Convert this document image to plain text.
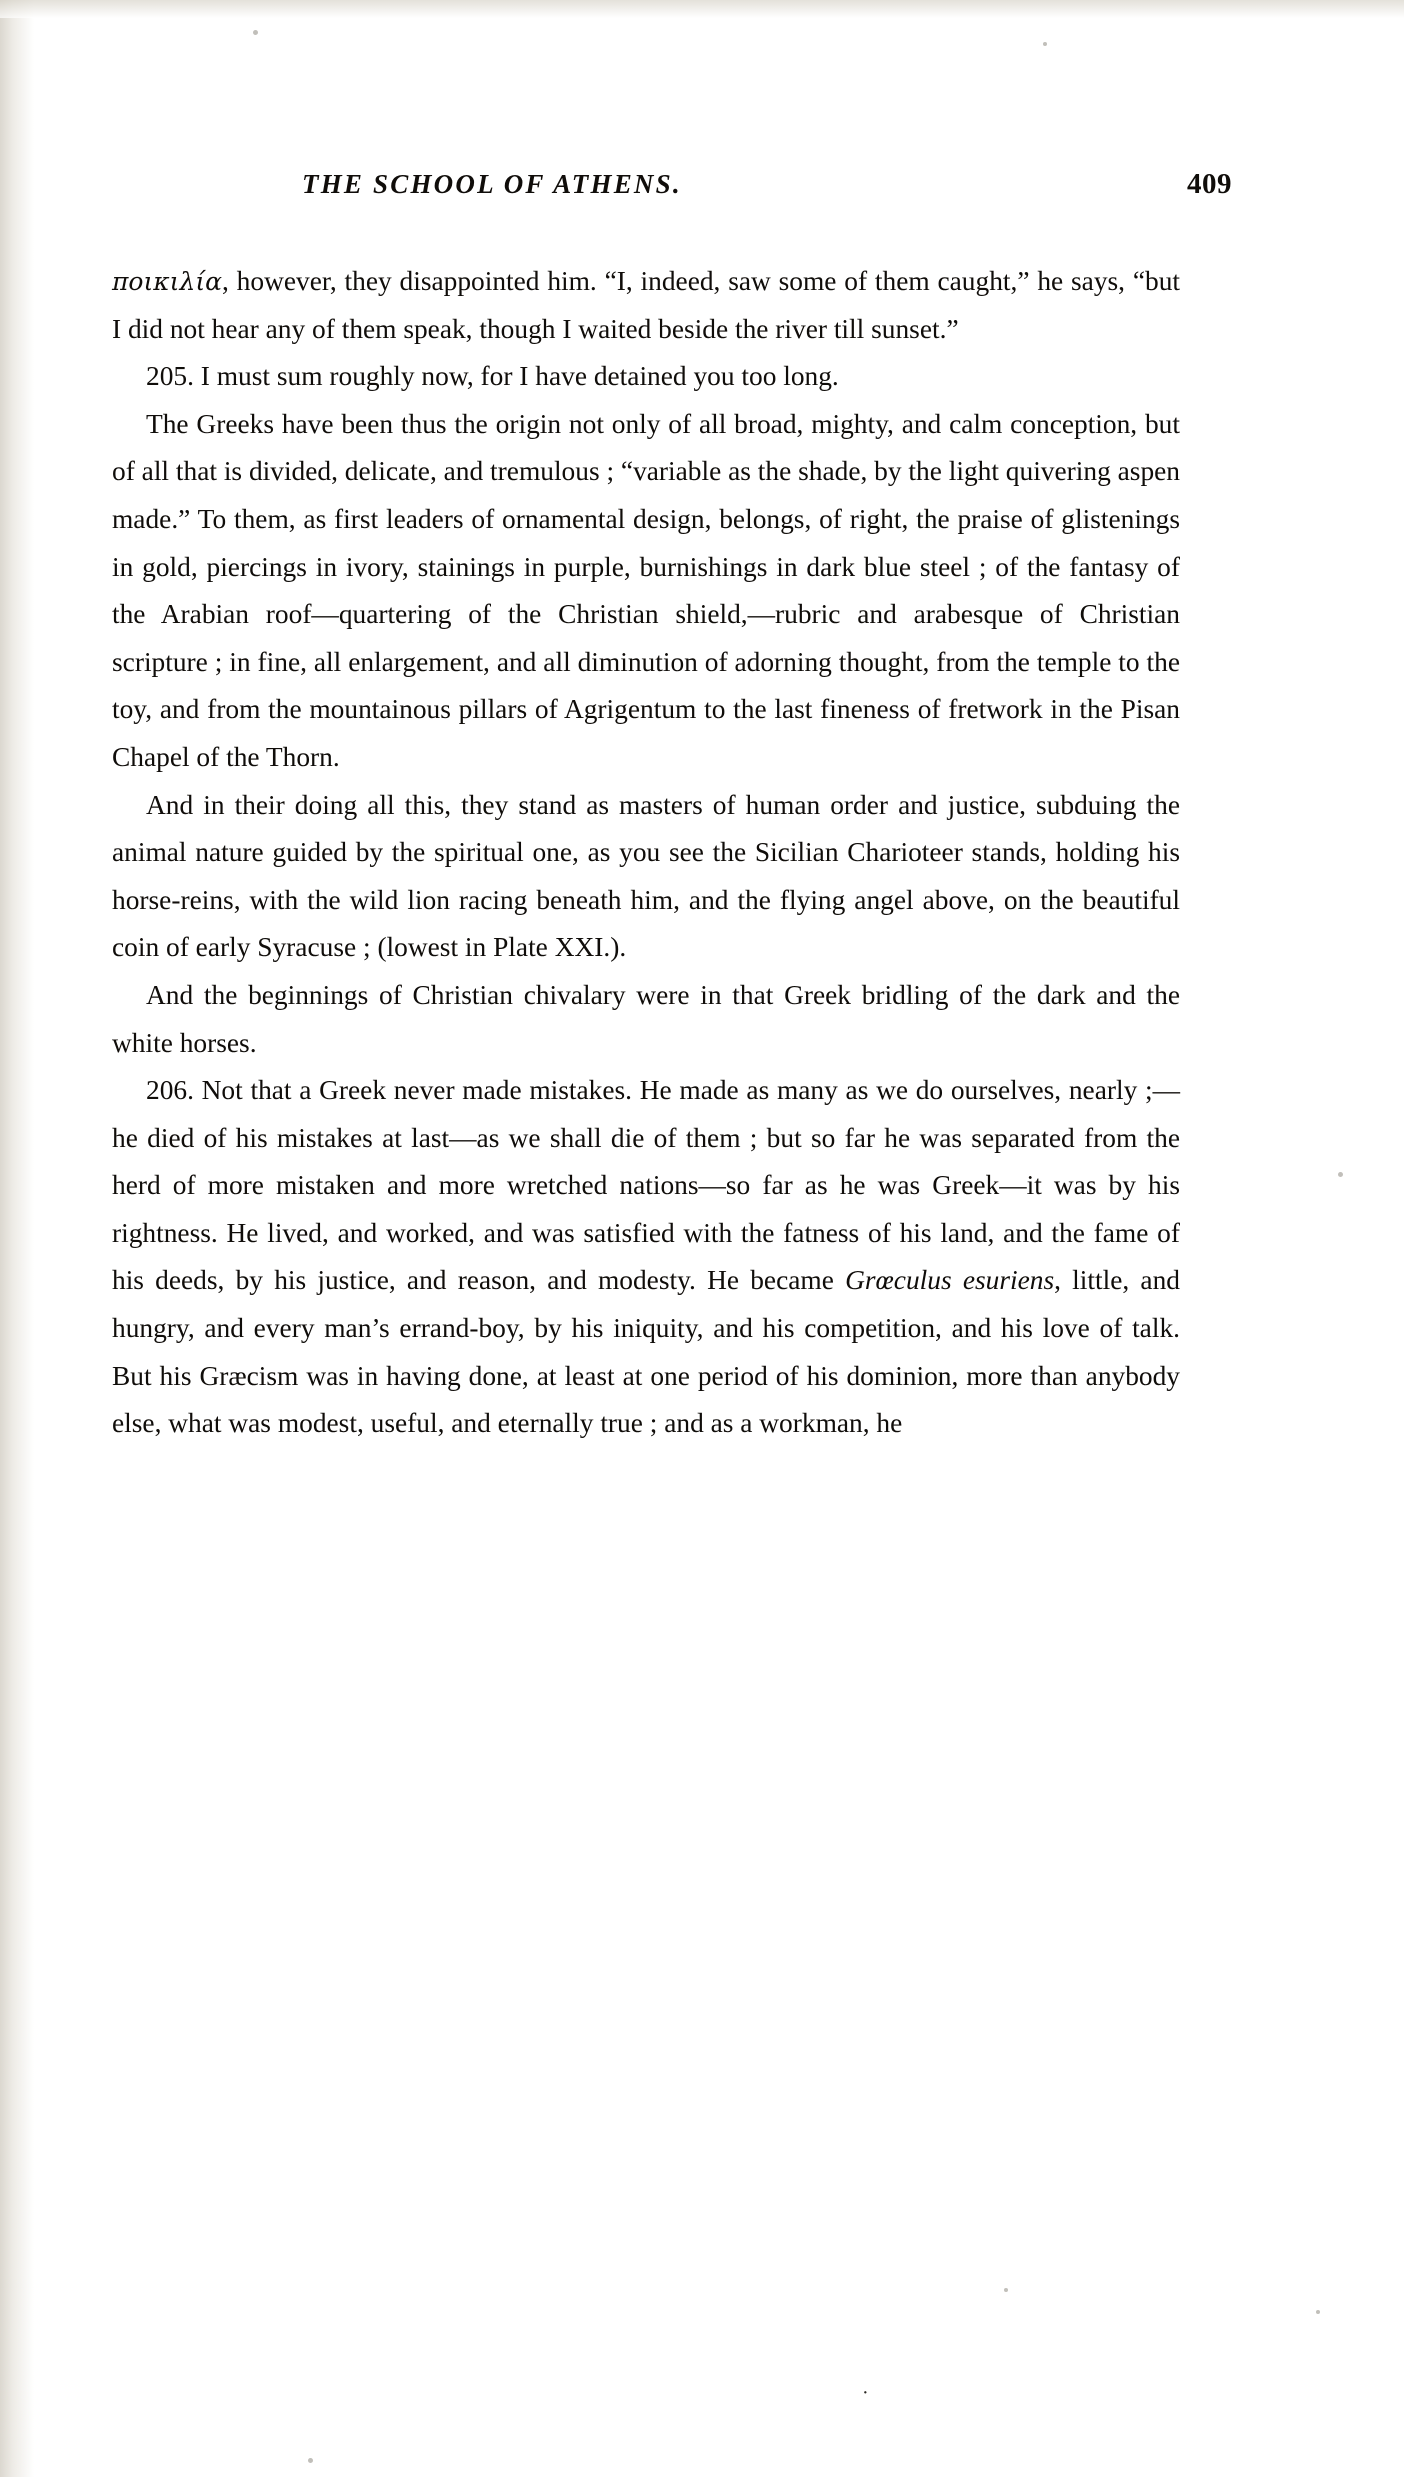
THE SCHOOL OF ATHENS.	409

ποικιλία, however, they disappointed him. “I, indeed, saw some of them caught,” he says, “but I did not hear any of them speak, though I waited beside the river till sunset.”

205. I must sum roughly now, for I have detained you too long.

The Greeks have been thus the origin not only of all broad, mighty, and calm conception, but of all that is divided, delicate, and tremulous ; “variable as the shade, by the light quivering aspen made.” To them, as first leaders of ornamental design, belongs, of right, the praise of glistenings in gold, piercings in ivory, stainings in purple, burnishings in dark blue steel ; of the fantasy of the Arabian roof—quartering of the Christian shield,—rubric and arabesque of Christian scripture ; in fine, all enlargement, and all diminution of adorning thought, from the temple to the toy, and from the mountainous pillars of Agrigentum to the last fineness of fretwork in the Pisan Chapel of the Thorn.

And in their doing all this, they stand as masters of human order and justice, subduing the animal nature guided by the spiritual one, as you see the Sicilian Charioteer stands, holding his horse-reins, with the wild lion racing beneath him, and the flying angel above, on the beautiful coin of early Syracuse ; (lowest in Plate XXI.).

And the beginnings of Christian chivalary were in that Greek bridling of the dark and the white horses.

206. Not that a Greek never made mistakes. He made as many as we do ourselves, nearly ;—he died of his mistakes at last—as we shall die of them ; but so far he was separated from the herd of more mistaken and more wretched nations—so far as he was Greek—it was by his rightness. He lived, and worked, and was satisfied with the fatness of his land, and the fame of his deeds, by his justice, and reason, and modesty. He became Grœculus esuriens, little, and hungry, and every man’s errand-boy, by his iniquity, and his competition, and his love of talk. But his Græcism was in having done, at least at one period of his dominion, more than anybody else, what was modest, useful, and eternally true ; and as a workman, he

·
